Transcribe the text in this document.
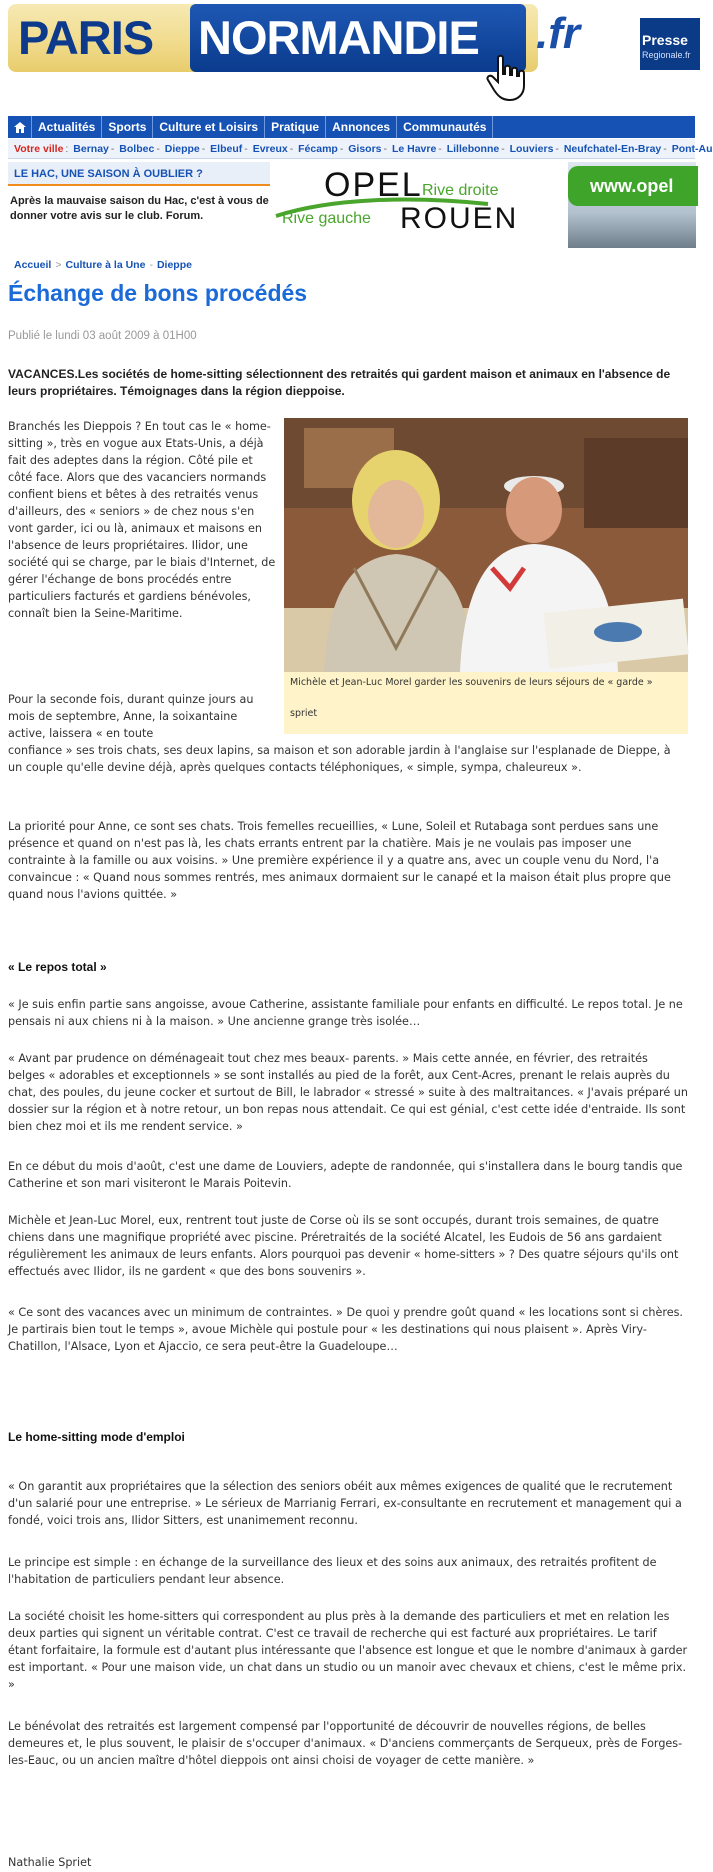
PARIS NORMANDIE .fr	Presse
Regionale.fr
Actualités	Sports	Culture et Loisirs	Pratique	Annonces	Communautés
Votre ville : Bernay - Bolbec - Dieppe - Elbeuf - Evreux - Fécamp - Gisors - Le Havre - Lillebonne - Louviers - Neufchatel-En-Bray - Pont-Au
LE HAC, UNE SAISON À OUBLIER ?
Après la mauvaise saison du Hac, c'est à vous de donner votre avis sur le club. Forum.
OPEL Rive droite
Rive gauche ROUEN
www.opel
Accueil > Culture à la Une - Dieppe
Échange de bons procédés
Publié le lundi 03 août 2009 à 01H00
VACANCES.Les sociétés de home-sitting sélectionnent des retraités qui gardent maison et animaux en l'absence de leurs propriétaires. Témoignages dans la région dieppoise.
Branchés les Dieppois ? En tout cas le « home-sitting », très en vogue aux Etats-Unis, a déjà fait des adeptes dans la région. Côté pile et côté face. Alors que des vacanciers normands confient biens et bêtes à des retraités venus d'ailleurs, des « seniors » de chez nous s'en vont garder, ici ou là, animaux et maisons en l'absence de leurs propriétaires. Ilidor, une société qui se charge, par le biais d'Internet, de gérer l'échange de bons procédés entre particuliers facturés et gardiens bénévoles, connaît bien la Seine-Maritime.
Michèle et Jean-Luc Morel garder les souvenirs de leurs séjours de « garde »
spriet
Pour la seconde fois, durant quinze jours au mois de septembre, Anne, la soixantaine active, laissera « en toute
confiance » ses trois chats, ses deux lapins, sa maison et son adorable jardin à l'anglaise sur l'esplanade de Dieppe, à un couple qu'elle devine déjà, après quelques contacts téléphoniques, « simple, sympa, chaleureux ».
La priorité pour Anne, ce sont ses chats. Trois femelles recueillies, « Lune, Soleil et Rutabaga sont perdues sans une présence et quand on n'est pas là, les chats errants entrent par la chatière. Mais je ne voulais pas imposer une contrainte à la famille ou aux voisins. » Une première expérience il y a quatre ans, avec un couple venu du Nord, l'a convaincue : « Quand nous sommes rentrés, mes animaux dormaient sur le canapé et la maison était plus propre que quand nous l'avions quittée. »
« Le repos total »
« Je suis enfin partie sans angoisse, avoue Catherine, assistante familiale pour enfants en difficulté. Le repos total. Je ne pensais ni aux chiens ni à la maison. » Une ancienne grange très isolée…
« Avant par prudence on déménageait tout chez mes beaux- parents. » Mais cette année, en février, des retraités belges « adorables et exceptionnels » se sont installés au pied de la forêt, aux Cent-Acres, prenant le relais auprès du chat, des poules, du jeune cocker et surtout de Bill, le labrador « stressé » suite à des maltraitances. « J'avais préparé un dossier sur la région et à notre retour, un bon repas nous attendait. Ce qui est génial, c'est cette idée d'entraide. Ils sont bien chez moi et ils me rendent service. »
En ce début du mois d'août, c'est une dame de Louviers, adepte de randonnée, qui s'installera dans le bourg tandis que Catherine et son mari visiteront le Marais Poitevin.
Michèle et Jean-Luc Morel, eux, rentrent tout juste de Corse où ils se sont occupés, durant trois semaines, de quatre chiens dans une magnifique propriété avec piscine. Préretraités de la société Alcatel, les Eudois de 56 ans gardaient régulièrement les animaux de leurs enfants. Alors pourquoi pas devenir « home-sitters » ? Des quatre séjours qu'ils ont effectués avec Ilidor, ils ne gardent « que des bons souvenirs ».
« Ce sont des vacances avec un minimum de contraintes. » De quoi y prendre goût quand « les locations sont si chères. Je partirais bien tout le temps », avoue Michèle qui postule pour « les destinations qui nous plaisent ». Après Viry-Chatillon, l'Alsace, Lyon et Ajaccio, ce sera peut-être la Guadeloupe…
Le home-sitting mode d'emploi
« On garantit aux propriétaires que la sélection des seniors obéit aux mêmes exigences de qualité que le recrutement d'un salarié pour une entreprise. » Le sérieux de Marrianig Ferrari, ex-consultante en recrutement et management qui a fondé, voici trois ans, Ilidor Sitters, est unanimement reconnu.
Le principe est simple : en échange de la surveillance des lieux et des soins aux animaux, des retraités profitent de l'habitation de particuliers pendant leur absence.
La société choisit les home-sitters qui correspondent au plus près à la demande des particuliers et met en relation les deux parties qui signent un véritable contrat. C'est ce travail de recherche qui est facturé aux propriétaires. Le tarif étant forfaitaire, la formule est d'autant plus intéressante que l'absence est longue et que le nombre d'animaux à garder est important. « Pour une maison vide, un chat dans un studio ou un manoir avec chevaux et chiens, c'est le même prix. »
Le bénévolat des retraités est largement compensé par l'opportunité de découvrir de nouvelles régions, de belles demeures et, le plus souvent, le plaisir de s'occuper d'animaux. « D'anciens commerçants de Serqueux, près de Forges-les-Eauc, ou un ancien maître d'hôtel dieppois ont ainsi choisi de voyager de cette manière. »
Nathalie Spriet
